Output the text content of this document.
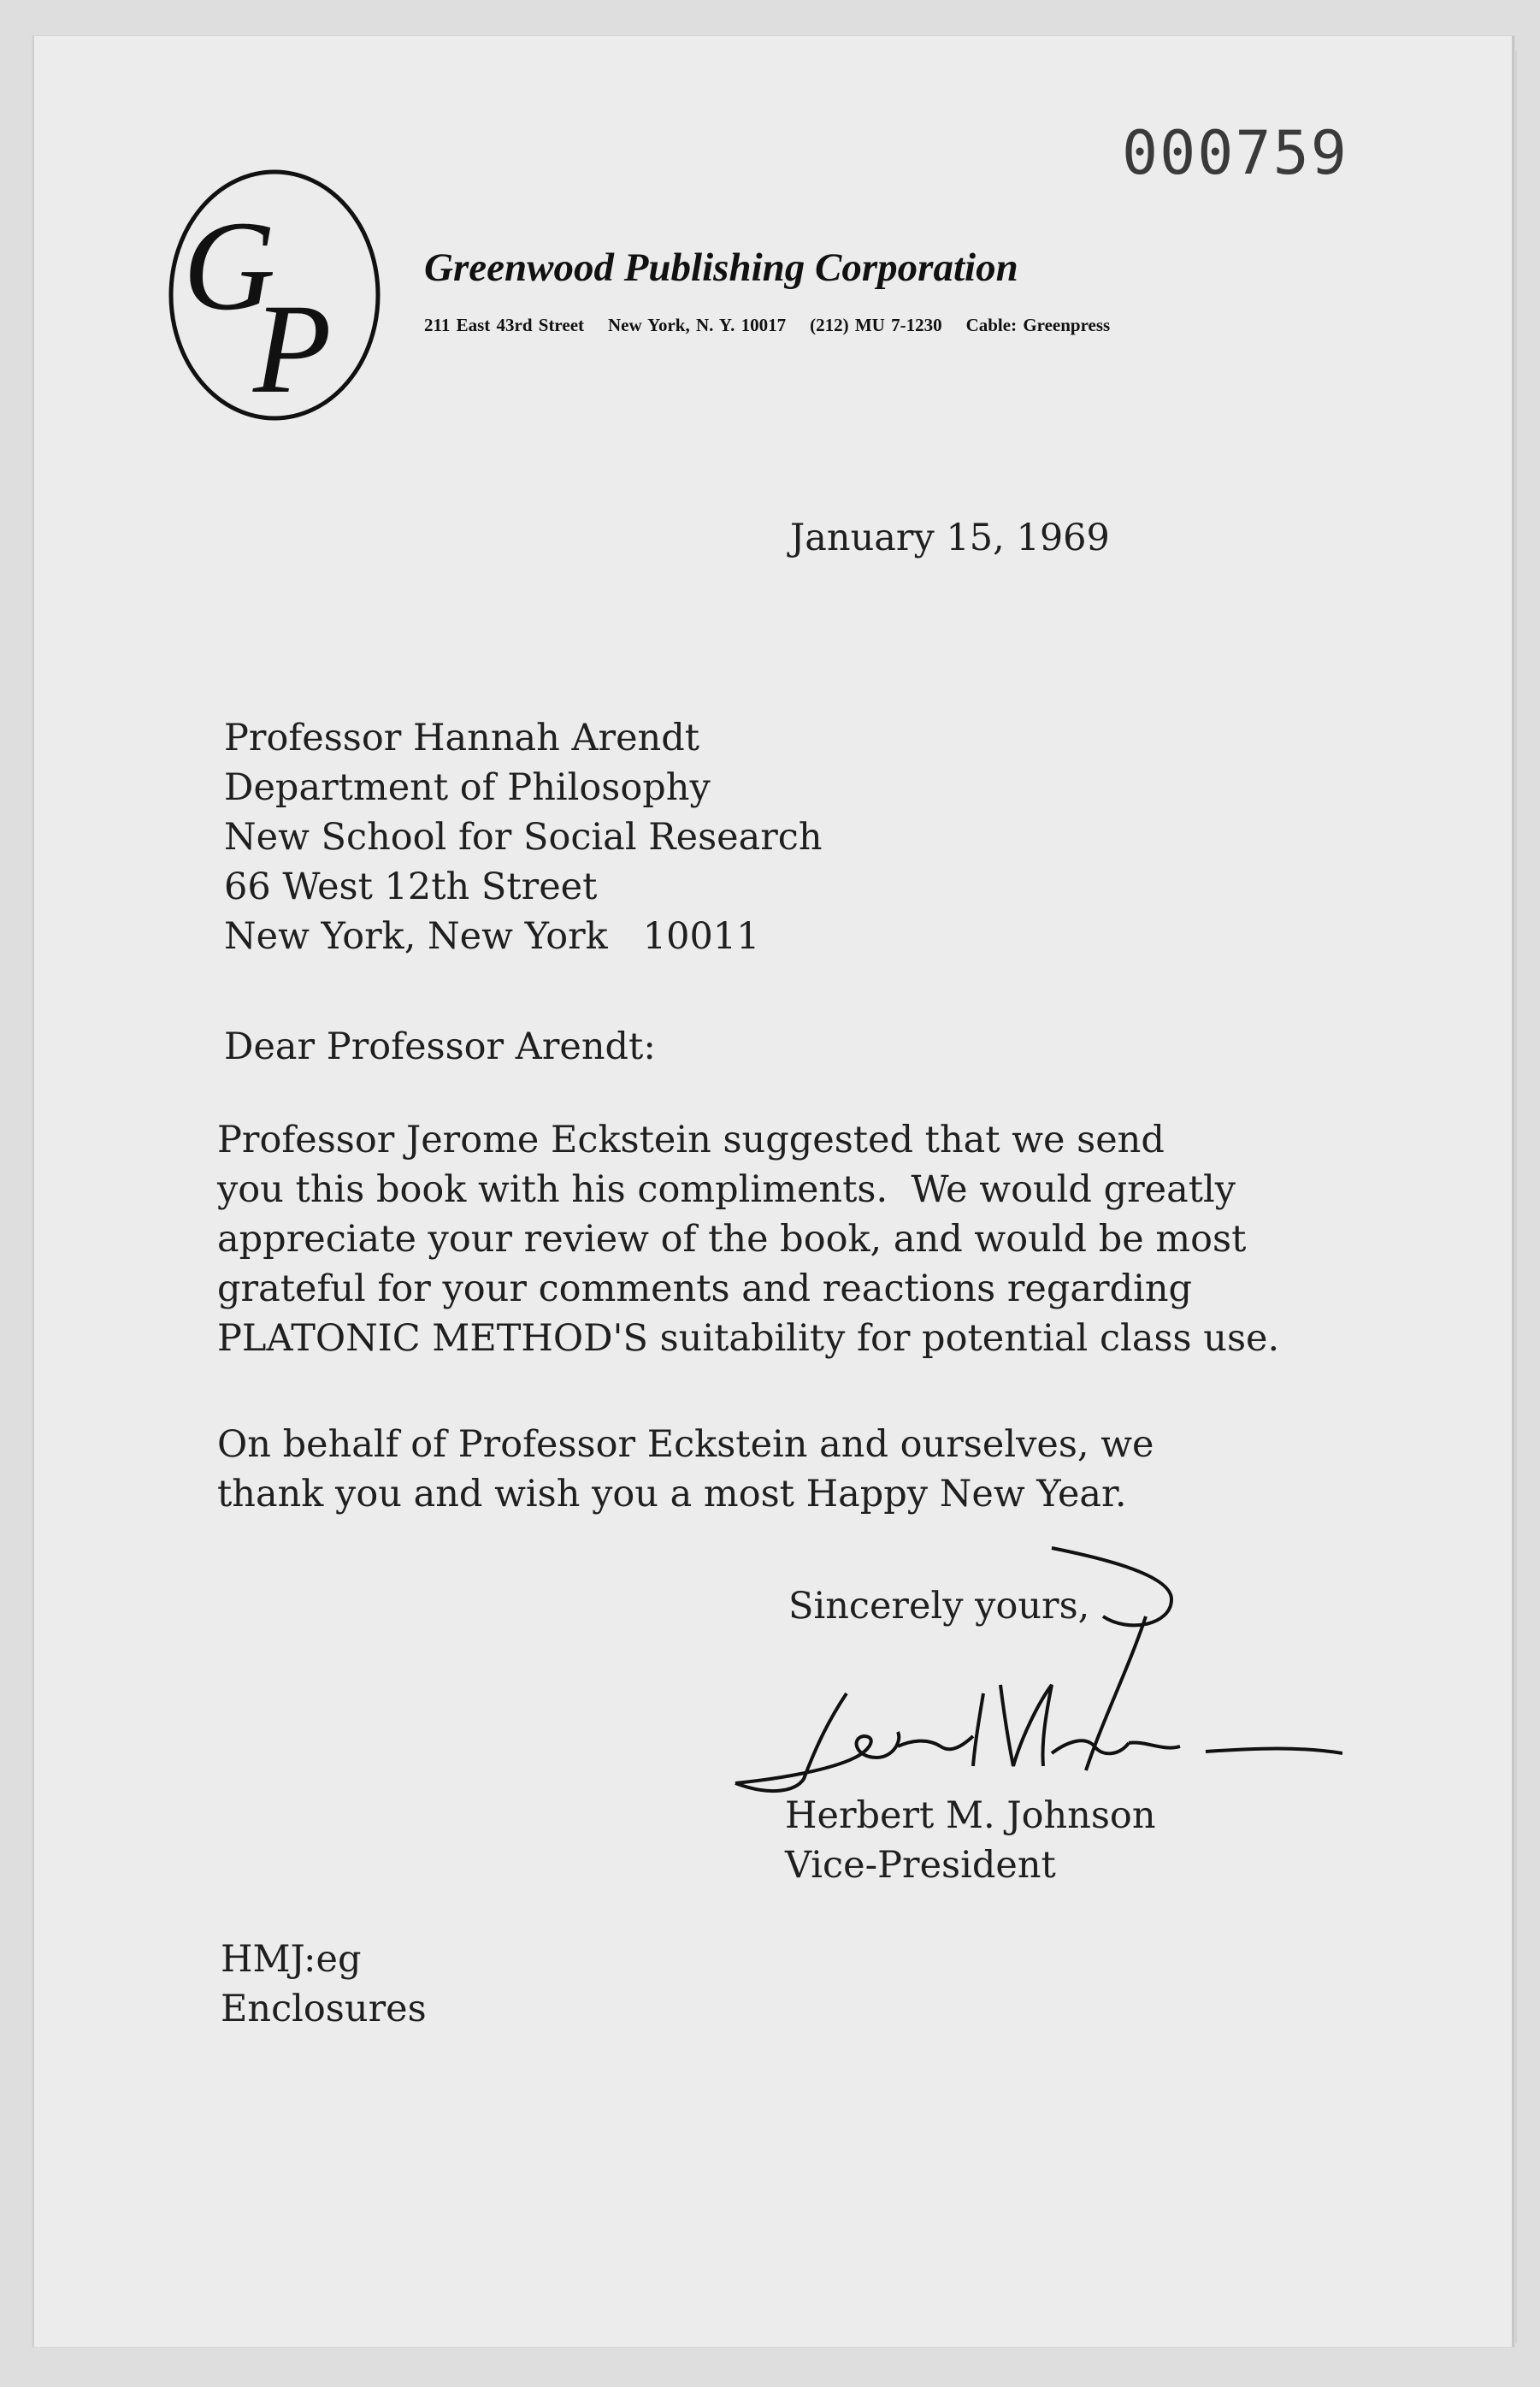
000759

G
P

Greenwood Publishing Corporation

211 East 43rd Street New York, N. Y. 10017 (212) MU 7-1230 Cable: Greenpress

January 15, 1969

Professor Hannah Arendt

Department of Philosophy

New School for Social Research

66 West 12th Street

New York, New York   10011

Dear Professor Arendt:

Professor Jerome Eckstein suggested that we send

you this book with his compliments.  We would greatly

appreciate your review of the book, and would be most

grateful for your comments and reactions regarding

PLATONIC METHOD'S suitability for potential class use.

On behalf of Professor Eckstein and ourselves, we

thank you and wish you a most Happy New Year.

Sincerely yours,

Herbert M. Johnson

Vice-President

HMJ:eg

Enclosures
